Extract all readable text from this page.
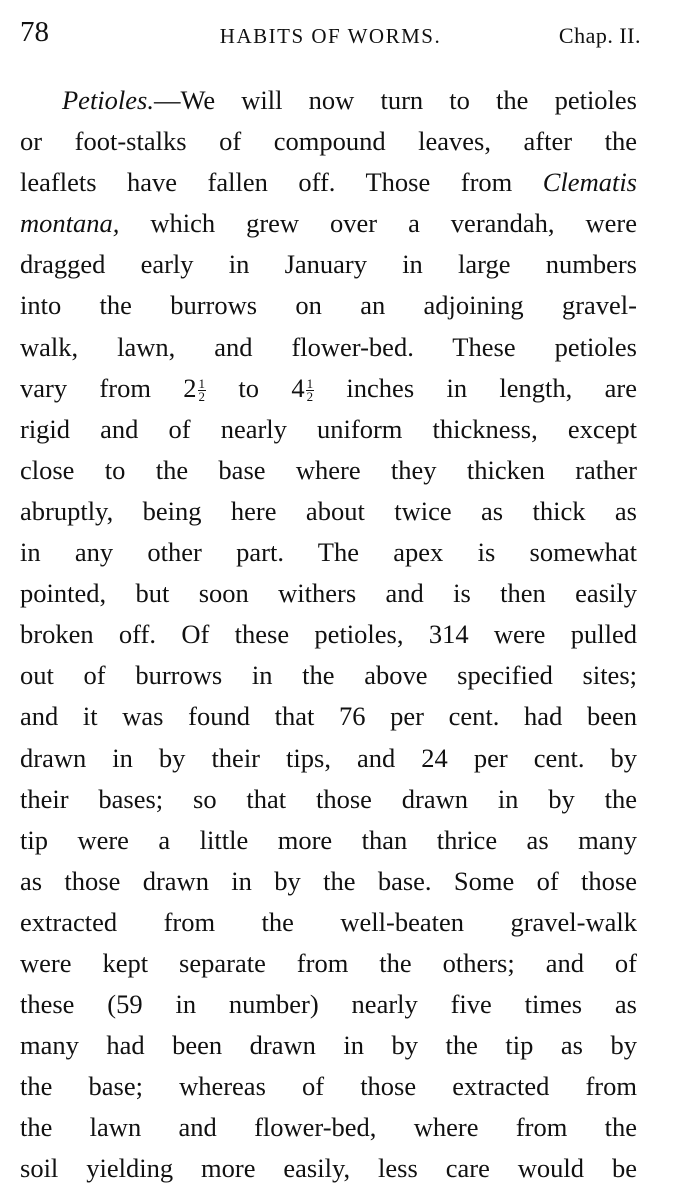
78	HABITS OF WORMS.	Chap. II.
Petioles.—We will now turn to the petioles
or foot-stalks of compound leaves, after the
leaflets have fallen off. Those from Clematis
montana, which grew over a verandah, were
dragged early in January in large numbers
into the burrows on an adjoining gravel-
walk, lawn, and flower-bed. These petioles
vary from $2 \frac{1}{2}$ to $4 \frac{1}{2}$ inches in length, are
rigid and of nearly uniform thickness, except
close to the base where they thicken rather
abruptly, being here about twice as thick as
in any other part. The apex is somewhat
pointed, but soon withers and is then easily
broken off. Of these petioles, 314 were pulled
out of burrows in the above specified sites;
and it was found that 76 per cent. had been
drawn in by their tips, and 24 per cent. by
their bases; so that those drawn in by the
tip were a little more than thrice as many
as those drawn in by the base. Some of those
extracted from the well-beaten gravel-walk
were kept separate from the others; and of
these (59 in number) nearly five times as
many had been drawn in by the tip as by
the base; whereas of those extracted from
the lawn and flower-bed, where from the
soil yielding more easily, less care would be
